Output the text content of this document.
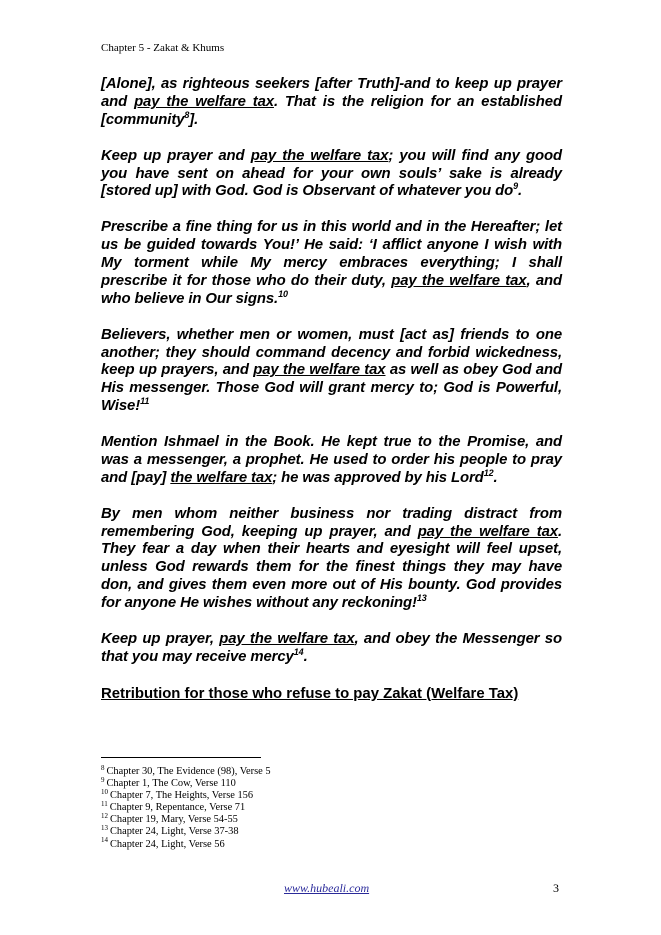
Chapter 5 - Zakat & Khums

[Alone], as righteous seekers [after Truth]-and to keep up prayer and pay the welfare tax. That is the religion for an established [community$^8$].

Keep up prayer and pay the welfare tax; you will find any good you have sent on ahead for your own souls’ sake is already [stored up] with God. God is Observant of whatever you $do^9$.

Prescribe a fine thing for us in this world and in the Hereafter; let us be guided towards You!’ He said: ‘I afflict anyone I wish with My torment while My mercy embraces everything; I shall prescribe it for those who do their duty, pay the welfare tax, and who believe in Our signs.$^{10}$

Believers, whether men or women, must [act as] friends to one another; they should command decency and forbid wickedness, keep up prayers, and pay the welfare tax as well as obey God and His messenger. Those God will grant mercy to; God is Powerful, Wise!$^{11}$

Mention Ishmael in the Book. He kept true to the Promise, and was a messenger, a prophet. He used to order his people to pray and [pay] the welfare tax; he was approved by his Lord$^{12}$.

By men whom neither business nor trading distract from remembering God, keeping up prayer, and pay the welfare tax. They fear a day when their hearts and eyesight will feel upset, unless God rewards them for the finest things they may have don, and gives them even more out of His bounty. God provides for anyone He wishes without any reckoning!$^{13}$

Keep up prayer, pay the welfare tax, and obey the Messenger so that you may receive mercy$^{14}$.

Retribution for those who refuse to pay Zakat (Welfare Tax)

$^8$ Chapter 30, The Evidence (98), Verse 5
$^9$ Chapter 1, The Cow, Verse 110
$^{10}$ Chapter 7, The Heights, Verse 156
$^{11}$ Chapter 9, Repentance, Verse 71
$^{12}$ Chapter 19, Mary, Verse 54-55
$^{13}$ Chapter 24, Light, Verse 37-38
$^{14}$ Chapter 24, Light, Verse 56
www.hubeali.com	3
